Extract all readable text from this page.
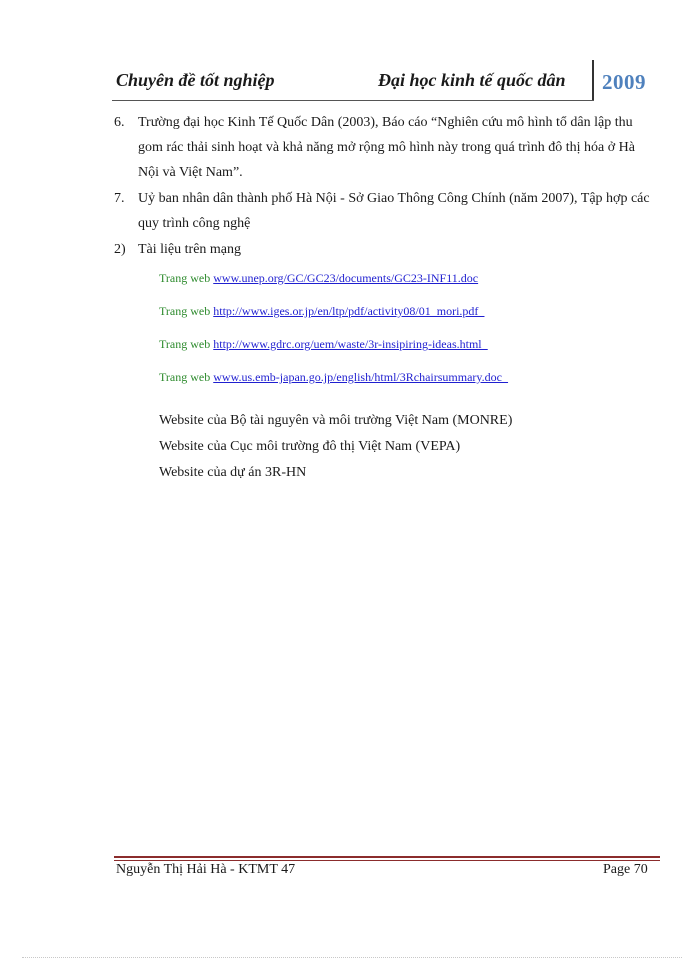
Chuyên đề tốt nghiệp	Đại học kinh tế quốc dân 2009
6. Trường đại học Kinh Tế Quốc Dân (2003), Báo cáo “Nghiên cứu mô hình tổ dân lập thu gom rác thải sinh hoạt và khả năng mở rộng mô hình này trong quá trình đô thị hóa ở Hà Nội và Việt Nam”.
7. Uỷ ban nhân dân thành phố Hà Nội - Sở Giao Thông Công Chính (năm 2007), Tập hợp các quy trình công nghệ
2) Tài liệu trên mạng
Trang web www.unep.org/GC/GC23/documents/GC23-INF11.doc
Trang web http://www.iges.or.jp/en/ltp/pdf/activity08/01_mori.pdf_
Trang web http://www.gdrc.org/uem/waste/3r-insipiring-ideas.html_
Trang web www.us.emb-japan.go.jp/english/html/3Rchairsummary.doc_
Website của Bộ tài nguyên và môi trường Việt Nam (MONRE)
Website của Cục môi trường đô thị Việt Nam (VEPA)
Website của dự án 3R-HN
Nguyễn Thị Hải Hà - KTMT 47	Page 70
